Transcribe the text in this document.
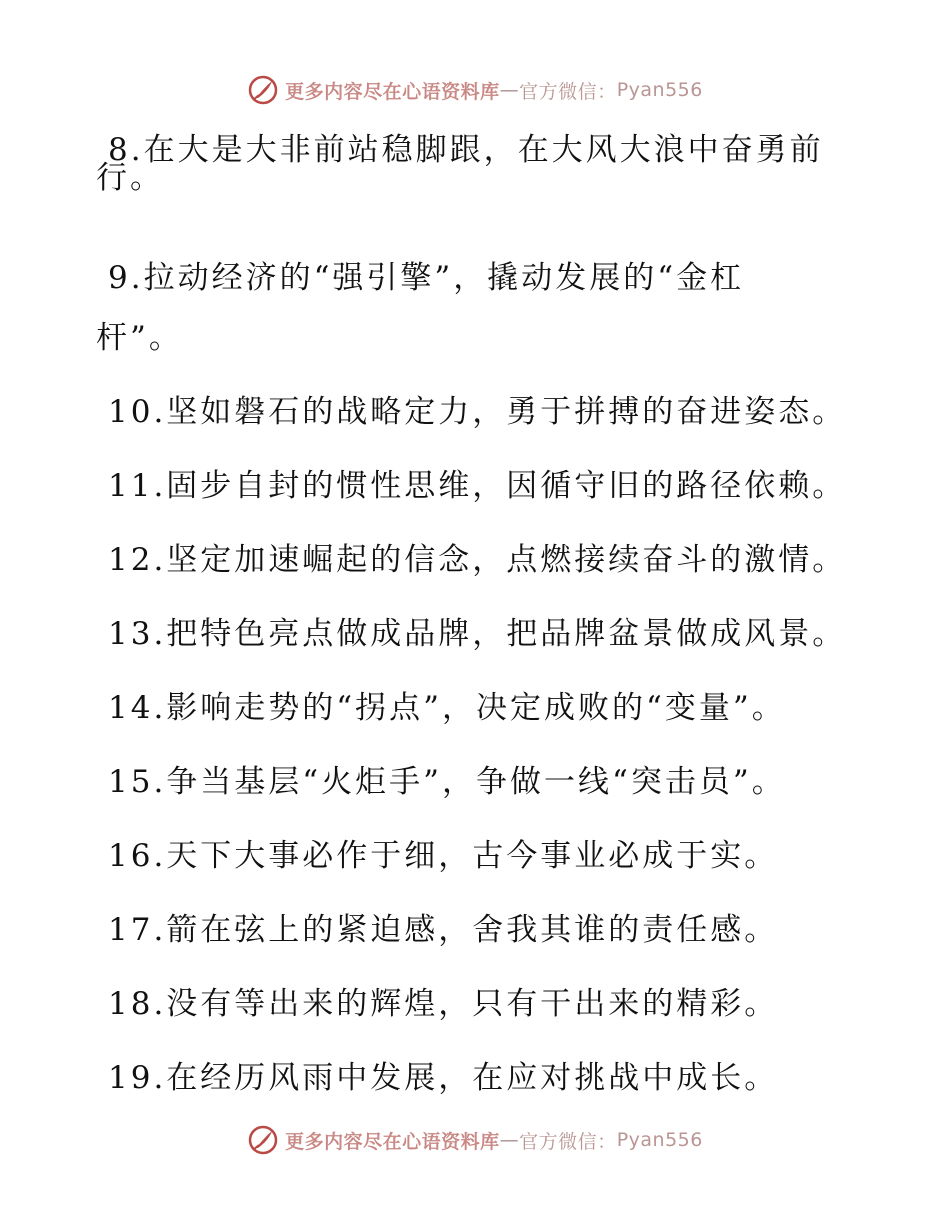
更多内容尽在心语资料库 — 官方微信： Pyan556
8.在大是大非前站稳脚跟，在大风大浪中奋勇前
行。
9.拉动经济的“强引擎”，撬动发展的“金杠
杆”。
10.坚如磐石的战略定力，勇于拼搏的奋进姿态。
11.固步自封的惯性思维，因循守旧的路径依赖。
12.坚定加速崛起的信念，点燃接续奋斗的激情。
13.把特色亮点做成品牌，把品牌盆景做成风景。
14.影响走势的“拐点”，决定成败的“变量”。
15.争当基层“火炬手”，争做一线“突击员”。
16.天下大事必作于细，古今事业必成于实。
17.箭在弦上的紧迫感，舍我其谁的责任感。
18.没有等出来的辉煌，只有干出来的精彩。
19.在经历风雨中发展，在应对挑战中成长。
更多内容尽在心语资料库 — 官方微信： Pyan556
